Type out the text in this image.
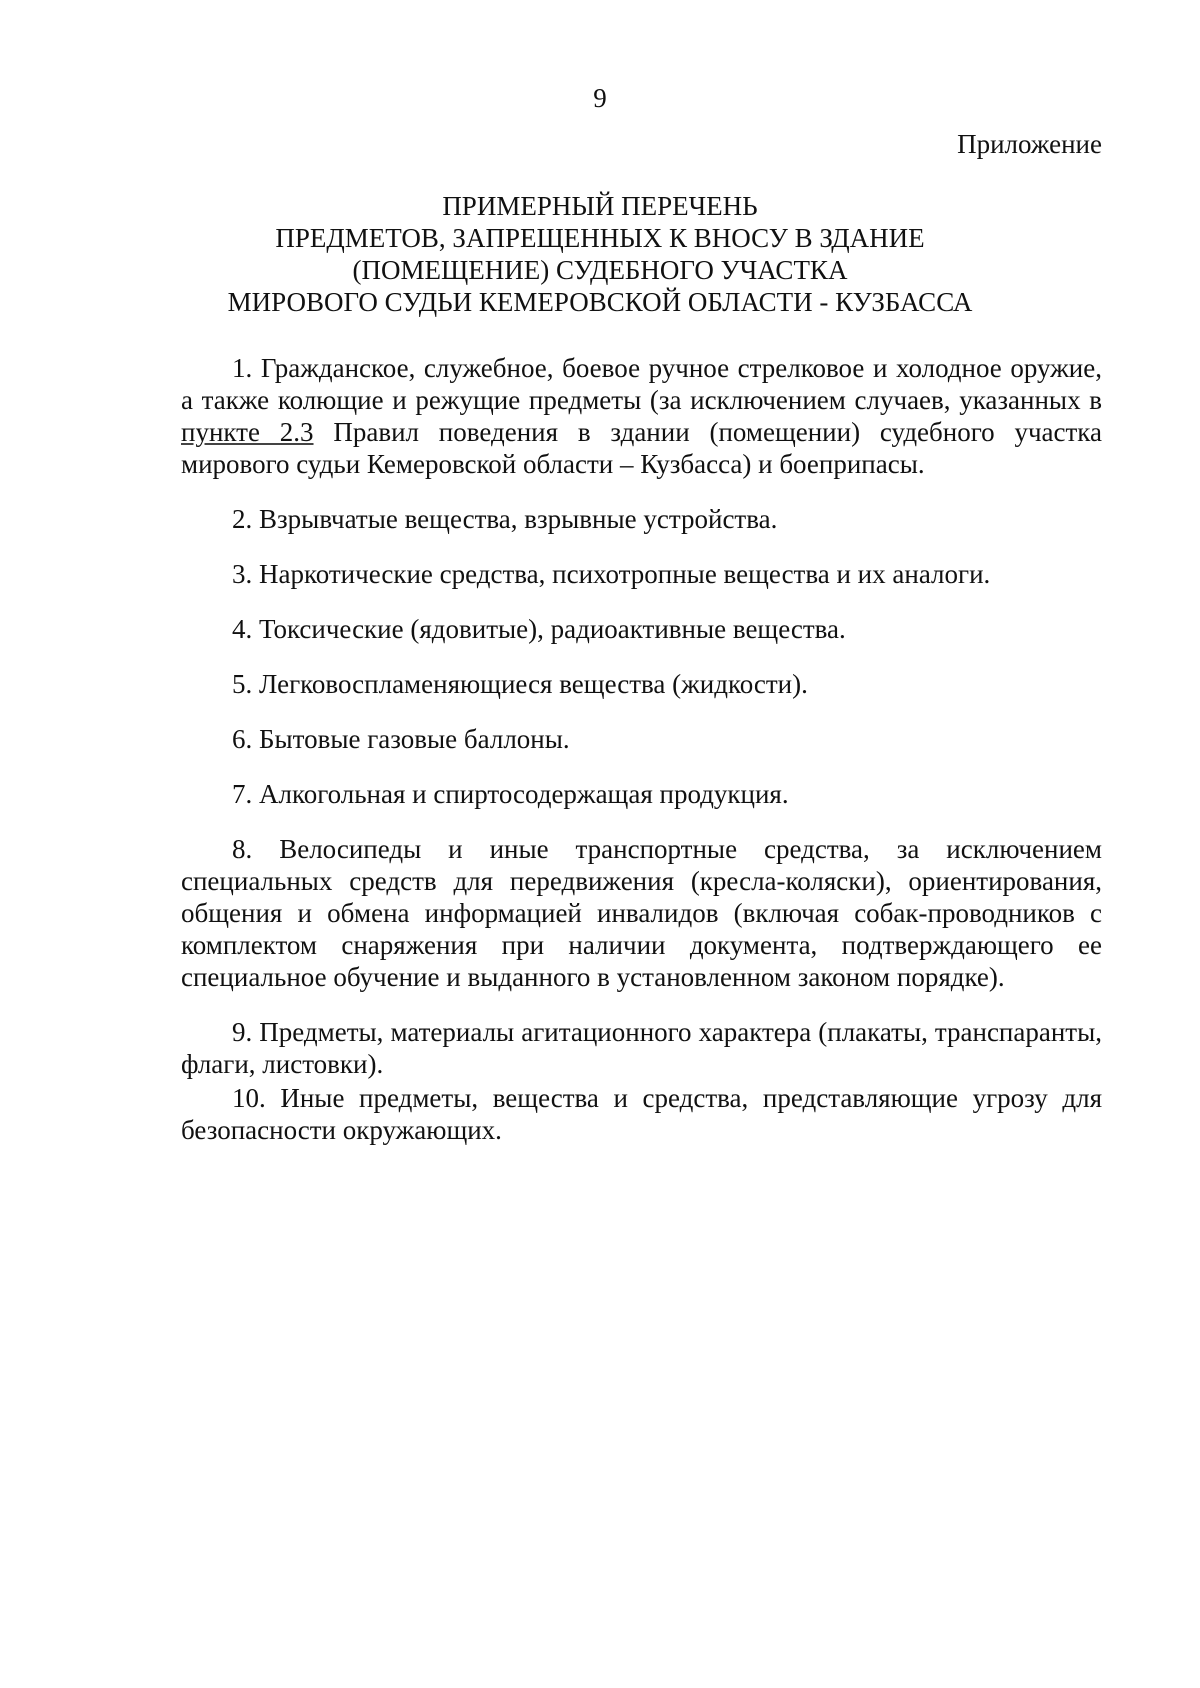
9
Приложение
ПРИМЕРНЫЙ ПЕРЕЧЕНЬ
ПРЕДМЕТОВ, ЗАПРЕЩЕННЫХ К ВНОСУ В ЗДАНИЕ
(ПОМЕЩЕНИЕ) СУДЕБНОГО УЧАСТКА
МИРОВОГО СУДЬИ КЕМЕРОВСКОЙ ОБЛАСТИ - КУЗБАССА

1. Гражданское, служебное, боевое ручное стрелковое и холодное оружие, а также колющие и режущие предметы (за исключением случаев, указанных в пункте 2.3 Правил поведения в здании (помещении) судебного участка мирового судьи Кемеровской области – Кузбасса) и боеприпасы.

2. Взрывчатые вещества, взрывные устройства.

3. Наркотические средства, психотропные вещества и их аналоги.

4. Токсические (ядовитые), радиоактивные вещества.

5. Легковоспламеняющиеся вещества (жидкости).

6. Бытовые газовые баллоны.

7. Алкогольная и спиртосодержащая продукция.

8. Велосипеды и иные транспортные средства, за исключением специальных средств для передвижения (кресла-коляски), ориентирования, общения и обмена информацией инвалидов (включая собак-проводников с комплектом снаряжения при наличии документа, подтверждающего ее специальное обучение и выданного в установленном законом порядке).

9. Предметы, материалы агитационного характера (плакаты, транспаранты, флаги, листовки).

10. Иные предметы, вещества и средства, представляющие угрозу для безопасности окружающих.
